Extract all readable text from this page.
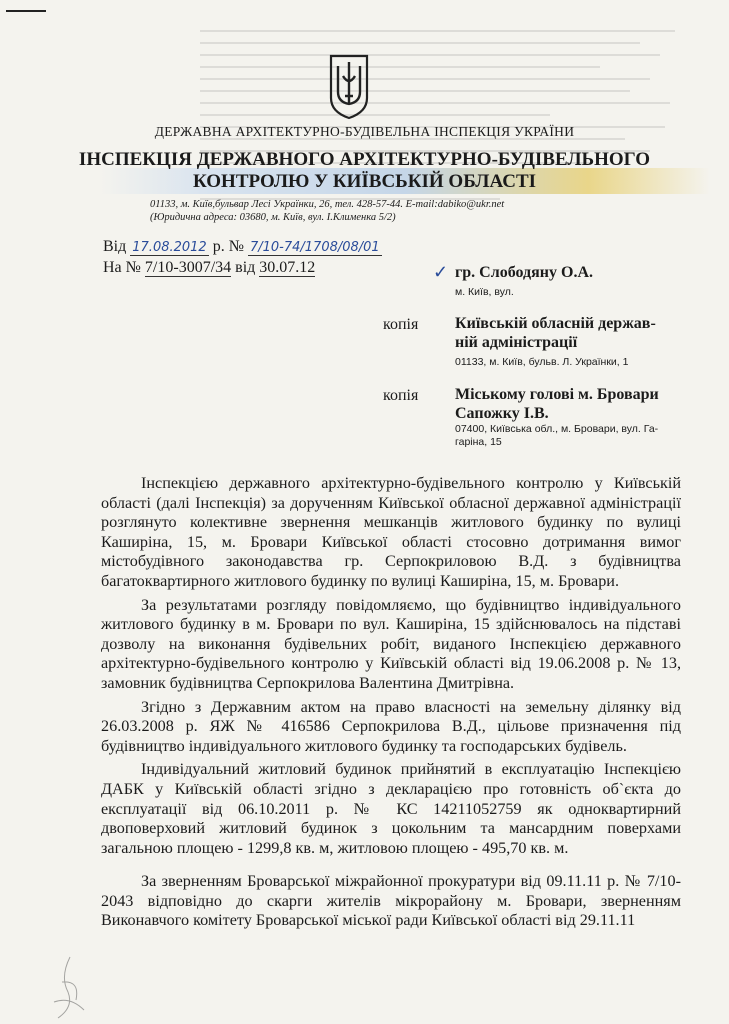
ДЕРЖАВНА АРХІТЕКТУРНО-БУДІВЕЛЬНА ІНСПЕКЦІЯ УКРАЇНИ
ІНСПЕКЦІЯ ДЕРЖАВНОГО АРХІТЕКТУРНО-БУДІВЕЛЬНОГО
КОНТРОЛЮ У КИЇВСЬКІЙ ОБЛАСТІ
01133, м. Київ,бульвар Лесі Українки, 26, тел. 428-57-44. E-mail:dabiko@ukr.net
(Юридична адреса: 03680, м. Київ, вул. І.Клименка 5/2)
Від 17.08.2012 р. № 7/10-74/1708/08/01
На № 7/10-3007/34 від 30.07.12	✓ гр. Слободяну О.А.
м. Київ, вул.
копія Київській обласній держав-
ній адміністрації
01133, м. Київ, бульв. Л. Українки, 1
копія Міському голові м. Бровари
Сапожку І.В.
07400, Київська обл., м. Бровари, вул. Га-
гаріна, 15

Інспекцією державного архітектурно-будівельного контролю у Київській області (далі Інспекція) за дорученням Київської обласної державної адміністрації розглянуто колективне звернення мешканців житлового будинку по вулиці Каширіна, 15, м. Бровари Київської області стосовно дотримання вимог містобудівного законодавства гр. Серпокриловою В.Д. з будівництва багатоквартирного житлового будинку по вулиці Каширіна, 15, м. Бровари.

За результатами розгляду повідомляємо, що будівництво індивідуального житлового будинку в м. Бровари по вул. Каширіна, 15 здійснювалось на підставі дозволу на виконання будівельних робіт, виданого Інспекцією державного архітектурно-будівельного контролю у Київській області від 19.06.2008 р. № 13, замовник будівництва Серпокрилова Валентина Дмитрівна.

Згідно з Державним актом на право власності на земельну ділянку від 26.03.2008 р. ЯЖ № 416586 Серпокрилова В.Д., цільове призначення під будівництво індивідуального житлового будинку та господарських будівель.

Індивідуальний житловий будинок прийнятий в експлуатацію Інспекцією ДАБК у Київській області згідно з декларацією про готовність об`єкта до експлуатації від 06.10.2011 р. № КС 14211052759 як одноквартирний двоповерховий житловий будинок з цокольним та мансардним поверхами загальною площею - 1299,8 кв. м, житловою площею - 495,70 кв. м.

За зверненням Броварської міжрайонної прокуратури від 09.11.11 р. № 7/10-2043 відповідно до скарги жителів мікрорайону м. Бровари, зверненням Виконавчого комітету Броварської міської ради Київської області від 29.11.11
